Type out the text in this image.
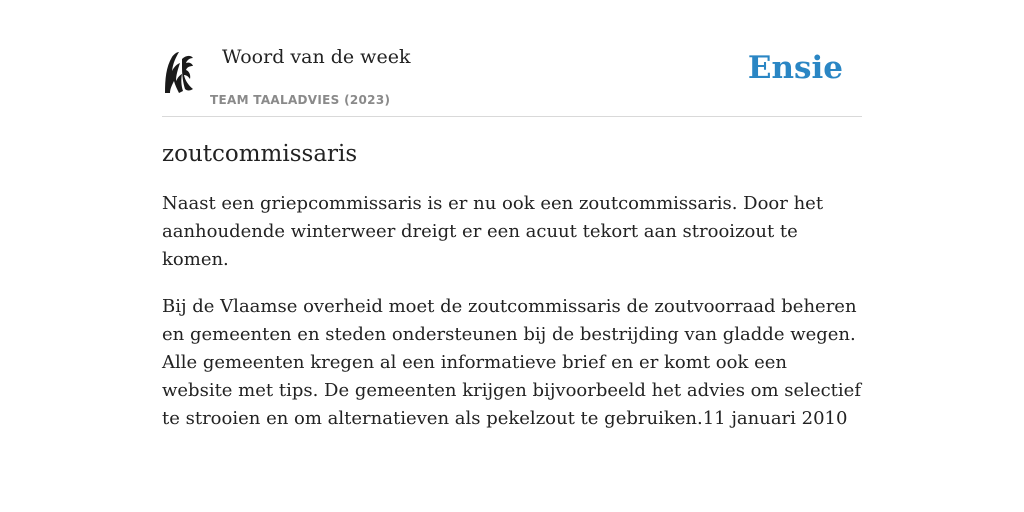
Woord van de week
TEAM TAALADVIES (2023)
Ensie
zoutcommissaris

Naast een griepcommissaris is er nu ook een zoutcommissaris. Door het aanhoudende winterweer dreigt er een acuut tekort aan strooizout te komen.

Bij de Vlaamse overheid moet de zoutcommissaris de zoutvoorraad beheren en gemeenten en steden ondersteunen bij de bestrijding van gladde wegen. Alle gemeenten kregen al een informatieve brief en er komt ook een website met tips. De gemeenten krijgen bijvoorbeeld het advies om selectief te strooien en om alternatieven als pekelzout te gebruiken.11 januari 2010
